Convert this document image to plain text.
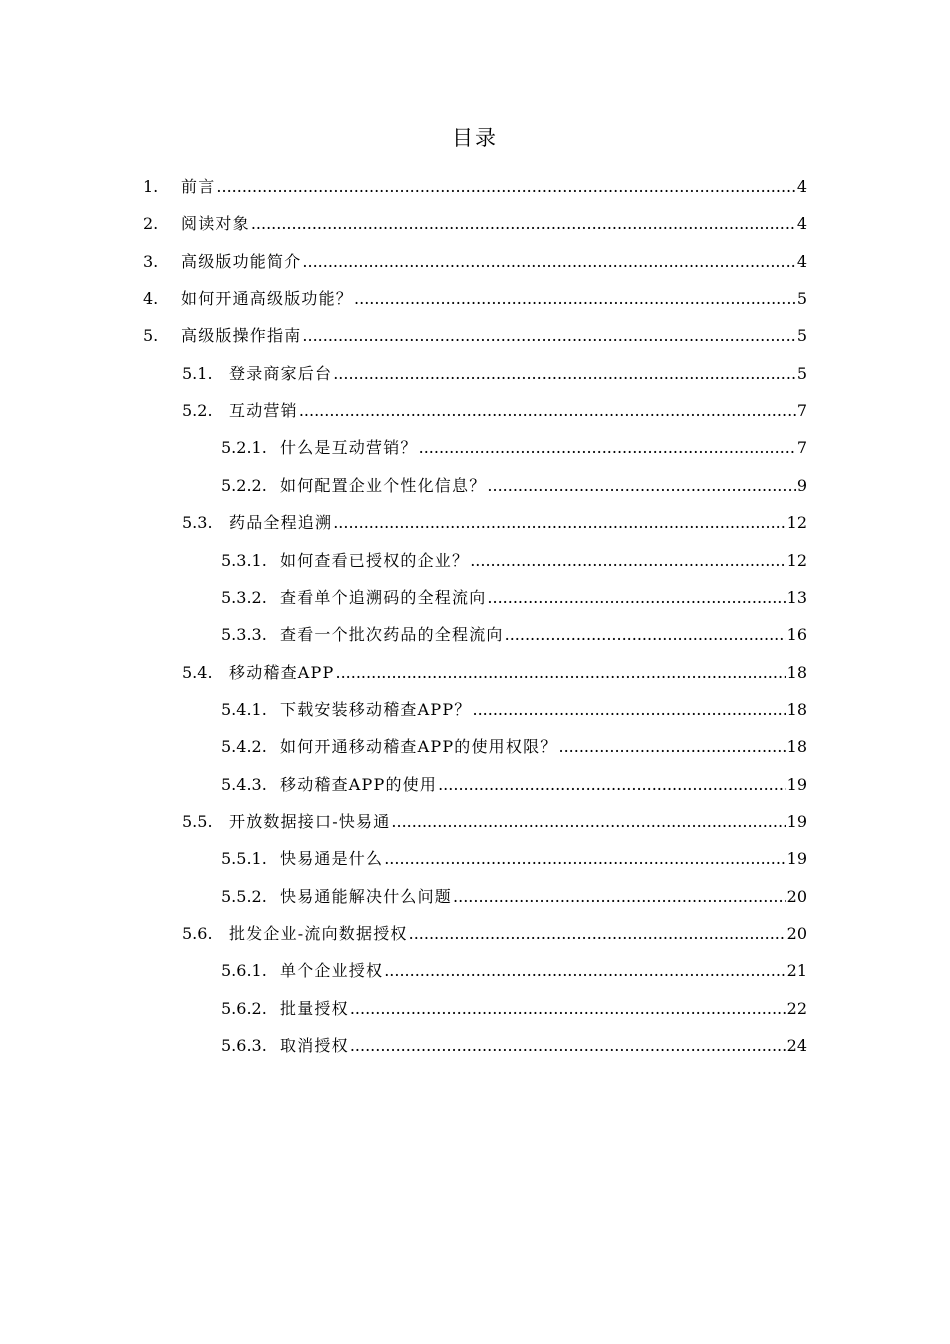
目录
1.	前言 .....	4
2.	阅读对象 .....	4
3.	高级版功能简介 .....	4
4.	如何开通高级版功能？ .....	5
5.	高级版操作指南 .....	5
5.1.	登录商家后台 .....	5
5.2.	互动营销 .....	7
5.2.1. 什么是互动营销？ .....	7
5.2.2. 如何配置企业个性化信息？ .....	9
5.3.	药品全程追溯 .....	12
5.3.1. 如何查看已授权的企业？ .....	12
5.3.2. 查看单个追溯码的全程流向 .....	13
5.3.3. 查看一个批次药品的全程流向 .....	16
5.4.	移动稽查APP .....	18
5.4.1. 下载安装移动稽查APP？ .....	18
5.4.2. 如何开通移动稽查APP的使用权限？ .....	18
5.4.3. 移动稽查APP的使用 .....	19
5.5.	开放数据接口-快易通 .....	19
5.5.1. 快易通是什么 .....	19
5.5.2. 快易通能解决什么问题 .....	20
5.6.	批发企业-流向数据授权 .....	20
5.6.1. 单个企业授权 .....	21
5.6.2. 批量授权 .....	22
5.6.3. 取消授权 .....	24
